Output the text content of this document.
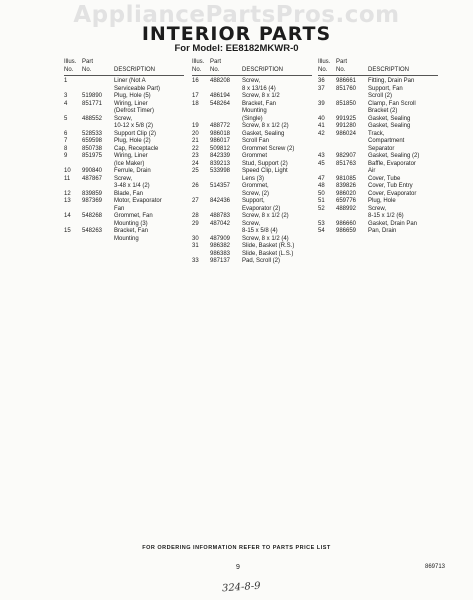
AppliancePartsPros.com
INTERIOR PARTS
For Model: EE8182MKWR-0
Illus. Part
No. No.	DESCRIPTION
1	Liner (Not A
Serviceable Part)
3 519890 Plug, Hole (5)
4 851771 Wiring, Liner
(Defrost Timer)
5 488552 Screw,
10-12 x 5/8 (2)
6 528533 Support Clip (2)
7 659598 Plug, Hole (2)
8 850738 Cap, Receptacle
9 851975 Wiring, Liner
(Ice Maker)
10 990840 Ferrule, Drain
11 487867 Screw,
3-48 x 1/4 (2)
12 839859 Blade, Fan
13 987369 Motor, Evaporator
Fan
14 548268 Grommet, Fan
Mounting (3)
15 548263 Bracket, Fan
Mounting
Illus. Part
No. No.	DESCRIPTION
16 488208 Screw,
8 x 13/16 (4)
17 486194 Screw, 8 x 1/2
18 548264 Bracket, Fan
Mounting
(Single)
19 488772 Screw, 8 x 1/2 (2)
20 986018 Gasket, Sealing
21 986017 Scroll Fan
22 509812 Grommet Screw (2)
23 842339 Grommet
24 839213 Stud, Support (2)
25 533998 Speed Clip, Light
Lens (3)
26 514357 Grommet,
Screw, (2)
27 842436 Support,
Evaporator (2)
28 488783 Screw, 8 x 1/2 (2)
29 487042 Screw,
8-15 x 5/8 (4)
30 487909 Screw, 8 x 1/2 (4)
31 986382 Slide, Basket (R.S.)
986383 Slide, Basket (L.S.)
33 987137 Pad, Scroll (2)
Illus. Part
No. No.	DESCRIPTION
36 986661 Fitting, Drain Pan
37 851760 Support, Fan
Scroll (2)
39 851850 Clamp, Fan Scroll
Bracket (2)
40 991925 Gasket, Sealing
41 991280 Gasket, Sealing
42 986024 Track,
Compartment
Separator
43 982907 Gasket, Sealing (2)
45 851763 Baffle, Evaporator
Air
47 981085 Cover, Tube
48 839826 Cover, Tub Entry
50 986020 Cover, Evaporator
51 659776 Plug, Hole
52 488992 Screw,
8-15 x 1/2 (6)
53 986660 Gasket, Drain Pan
54 986659 Pan, Drain
FOR ORDERING INFORMATION REFER TO PARTS PRICE LIST
9	869713
324-8-9
